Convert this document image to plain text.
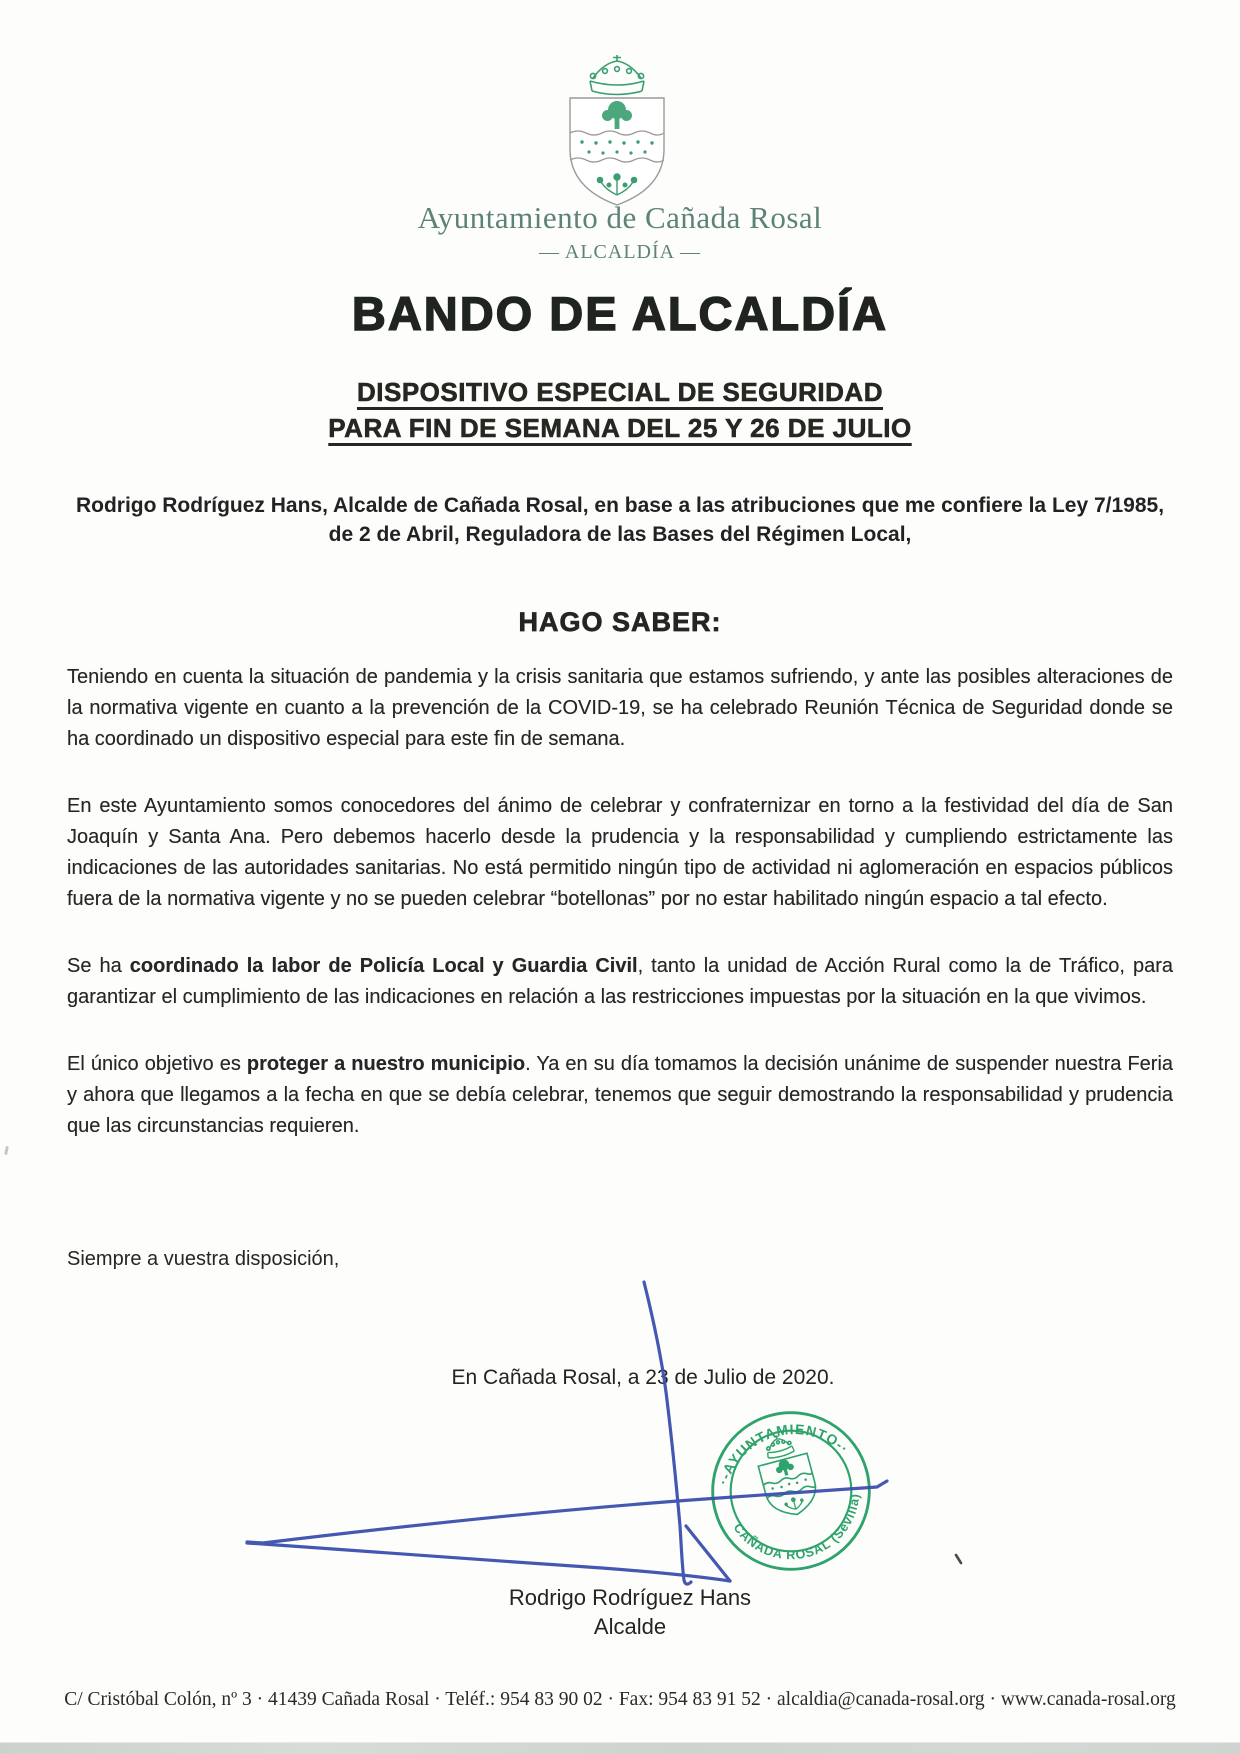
Ayuntamiento de Cañada Rosal
— ALCALDÍA —
BANDO DE ALCALDÍA
DISPOSITIVO ESPECIAL DE SEGURIDAD
PARA FIN DE SEMANA DEL 25 Y 26 DE JULIO
Rodrigo Rodríguez Hans, Alcalde de Cañada Rosal, en base a las atribuciones que me confiere la Ley 7/1985, de 2 de Abril, Reguladora de las Bases del Régimen Local,
HAGO SABER:

Teniendo en cuenta la situación de pandemia y la crisis sanitaria que estamos sufriendo, y ante las posibles alteraciones de la normativa vigente en cuanto a la prevención de la COVID-19, se ha celebrado Reunión Técnica de Seguridad donde se ha coordinado un dispositivo especial para este fin de semana.

En este Ayuntamiento somos conocedores del ánimo de celebrar y confraternizar en torno a la festividad del día de San Joaquín y Santa Ana. Pero debemos hacerlo desde la prudencia y la responsabilidad y cumpliendo estrictamente las indicaciones de las autoridades sanitarias. No está permitido ningún tipo de actividad ni aglomeración en espacios públicos fuera de la normativa vigente y no se pueden celebrar “botellonas” por no estar habilitado ningún espacio a tal efecto.

Se ha coordinado la labor de Policía Local y Guardia Civil, tanto la unidad de Acción Rural como la de Tráfico, para garantizar el cumplimiento de las indicaciones en relación a las restricciones impuestas por la situación en la que vivimos.

El único objetivo es proteger a nuestro municipio. Ya en su día tomamos la decisión unánime de suspender nuestra Feria y ahora que llegamos a la fecha en que se debía celebrar, tenemos que seguir demostrando la responsabilidad y prudencia que las circunstancias requieren.

Siempre a vuestra disposición,
En Cañada Rosal, a 23 de Julio de 2020.
·-AYUNTAMIENTO-·
CAÑADA ROSAL (Sevilla)
Rodrigo Rodríguez Hans
Alcalde
C/ Cristóbal Colón, nº 3 · 41439 Cañada Rosal · Teléf.: 954 83 90 02 · Fax: 954 83 91 52 · alcaldia@canada-rosal.org · www.canada-rosal.org
